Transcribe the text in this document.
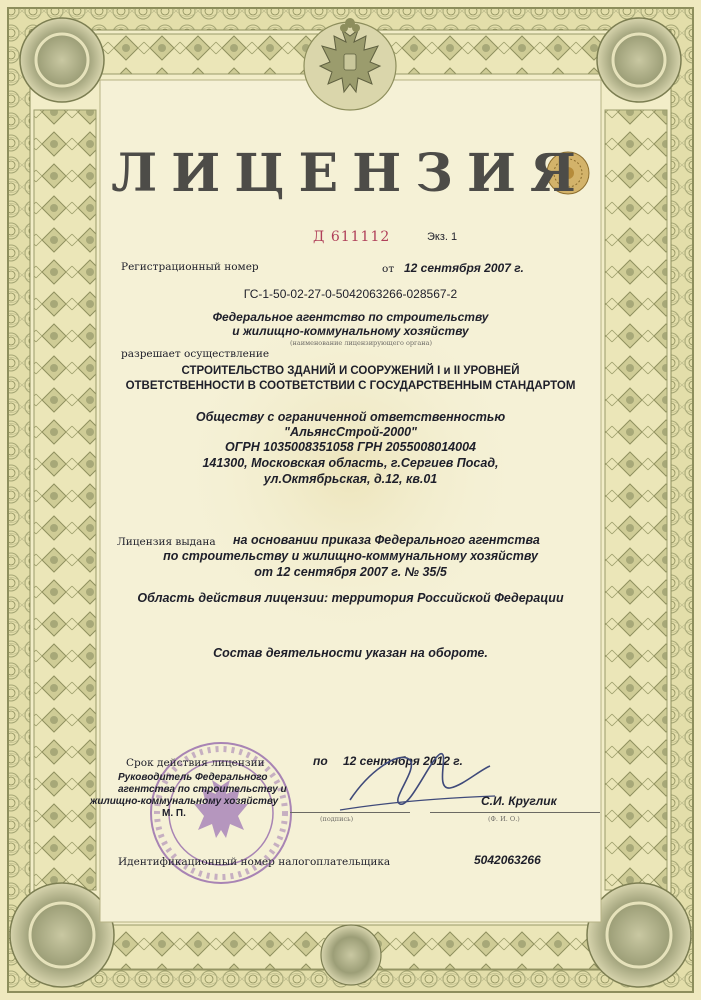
ЛИЦЕНЗИЯ
Д 611112	Экз. 1
Регистрационный номер	от 12 сентября 2007 г.
ГС-1-50-02-27-0-5042063266-028567-2
Федеральное агентство по строительству
и жилищно-коммунальному хозяйству
(наименование лицензирующего органа)
разрешает осуществление
СТРОИТЕЛЬСТВО ЗДАНИЙ И СООРУЖЕНИЙ I и II УРОВНЕЙ
ОТВЕТСТВЕННОСТИ В СООТВЕТСТВИИ С ГОСУДАРСТВЕННЫМ СТАНДАРТОМ
Обществу с ограниченной ответственностью
"АльянсСтрой-2000"
ОГРН 1035008351058 ГРН 2055008014004
141300, Московская область, г.Сергиев Посад,
ул.Октябрьская, д.12, кв.01
Лицензия выдана на основании приказа Федерального агентства
по строительству и жилищно-коммунальному хозяйству
от 12 сентября 2007 г. № 35/5
Область действия лицензии: территория Российской Федерации
Состав деятельности указан на обороте.
Срок действия лицензии	по 12 сентября 2012 г.
Руководитель Федерального
агентства по строительству и
жилищно-коммунальному хозяйству
М. П.
С.И. Круглик
(подпись)	(Ф. И. О.)
Идентификационный номер налогоплательщика	5042063266
